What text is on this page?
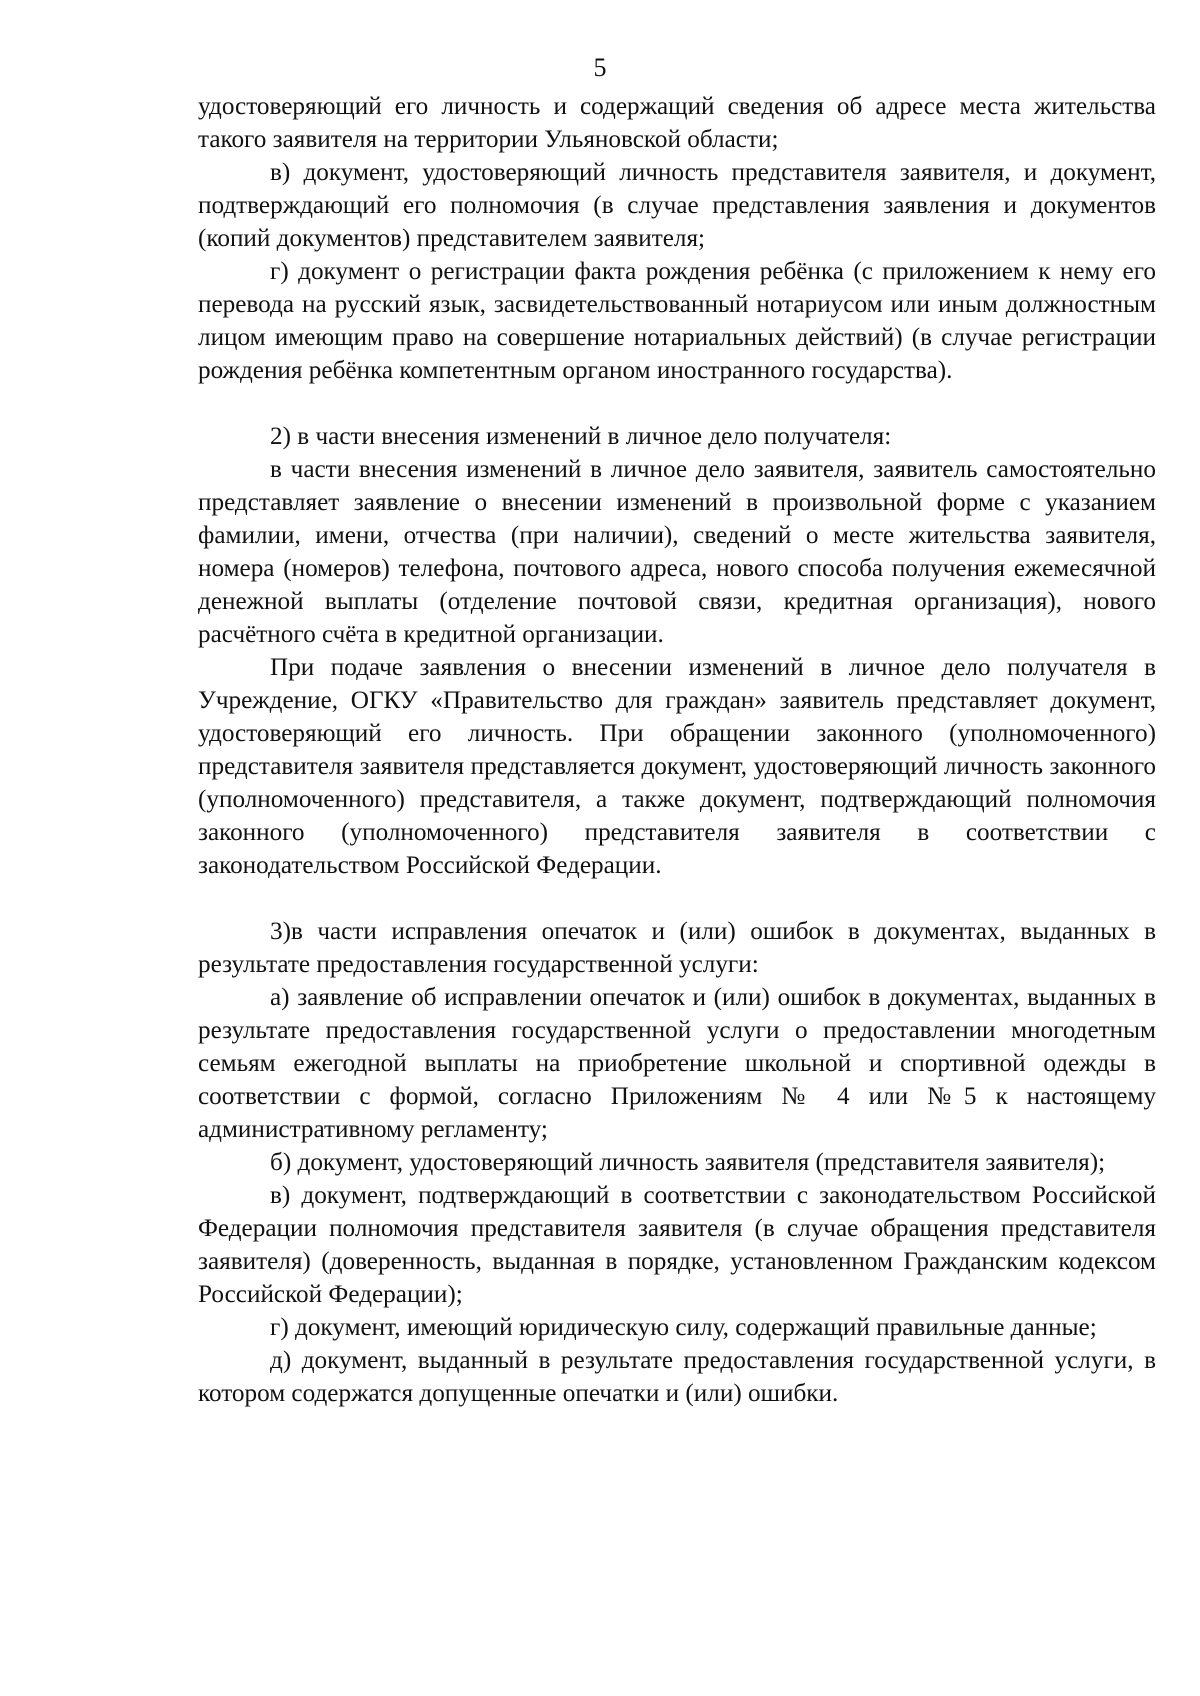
5

удостоверяющий его личность и содержащий сведения об адресе места жительства такого заявителя на территории Ульяновской области;

в) документ, удостоверяющий личность представителя заявителя, и документ, подтверждающий его полномочия (в случае представления заявления и документов (копий документов) представителем заявителя;

г) документ о регистрации факта рождения ребёнка (с приложением к нему его перевода на русский язык, засвидетельствованный нотариусом или иным должностным лицом имеющим право на совершение нотариальных действий) (в случае регистрации рождения ребёнка компетентным органом иностранного государства).

2) в части внесения изменений в личное дело получателя:

в части внесения изменений в личное дело заявителя, заявитель самостоятельно представляет заявление о внесении изменений в произвольной форме с указанием фамилии, имени, отчества (при наличии), сведений о месте жительства заявителя, номера (номеров) телефона, почтового адреса, нового способа получения ежемесячной денежной выплаты (отделение почтовой связи, кредитная организация), нового расчётного счёта в кредитной организации.

При подаче заявления о внесении изменений в личное дело получателя в Учреждение, ОГКУ «Правительство для граждан» заявитель представляет документ, удостоверяющий его личность. При обращении законного (уполномоченного) представителя заявителя представляется документ, удостоверяющий личность законного (уполномоченного) представителя, а также документ, подтверждающий полномочия законного (уполномоченного) представителя заявителя в соответствии с законодательством Российской Федерации.

3)в части исправления опечаток и (или) ошибок в документах, выданных в результате предоставления государственной услуги:

а) заявление об исправлении опечаток и (или) ошибок в документах, выданных в результате предоставления государственной услуги о предоставлении многодетным семьям ежегодной выплаты на приобретение школьной и спортивной одежды в соответствии с формой, согласно Приложениям № 4 или №5 к настоящему административному регламенту;

б) документ, удостоверяющий личность заявителя (представителя заявителя);

в) документ, подтверждающий в соответствии с законодательством Российской Федерации полномочия представителя заявителя (в случае обращения представителя заявителя) (доверенность, выданная в порядке, установленном Гражданским кодексом Российской Федерации);

г) документ, имеющий юридическую силу, содержащий правильные данные;

д) документ, выданный в результате предоставления государственной услуги, в котором содержатся допущенные опечатки и (или) ошибки.
